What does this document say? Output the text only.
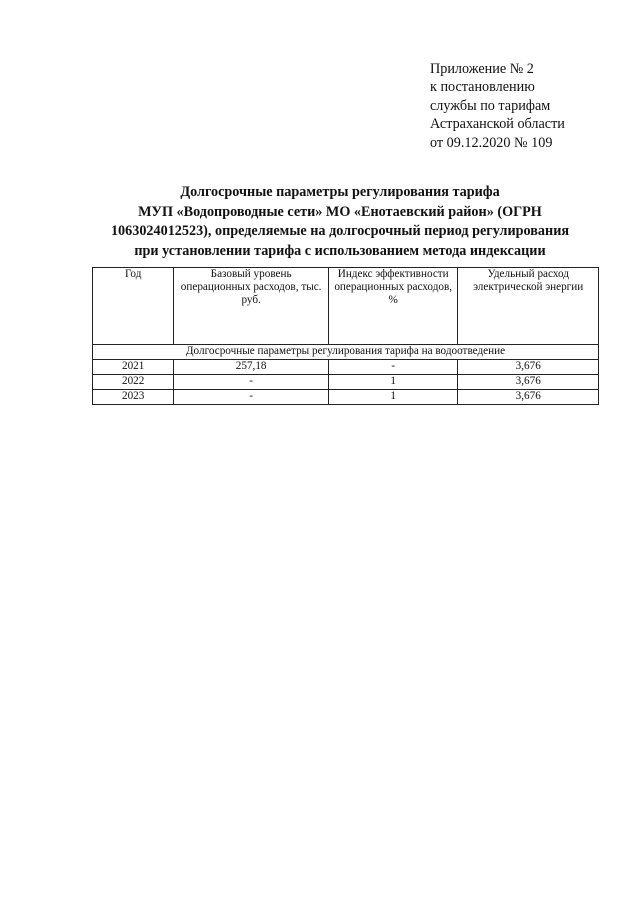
Приложение № 2
к постановлению
службы по тарифам
Астраханской области
от 09.12.2020 № 109
Долгосрочные параметры регулирования тарифа
МУП «Водопроводные сети» МО «Енотаевский район» (ОГРН
1063024012523), определяемые на долгосрочный период регулирования
при установлении тарифа с использованием метода индексации
Год	Базовый уровень операционных расходов, тыс. руб.	Индекс эффективности операционных расходов, %	Удельный расход электрической энергии
Долгосрочные параметры регулирования тарифа на водоотведение			
2021	257,18	-	3,676
2022	-	1	3,676
2023	-	1	3,676
